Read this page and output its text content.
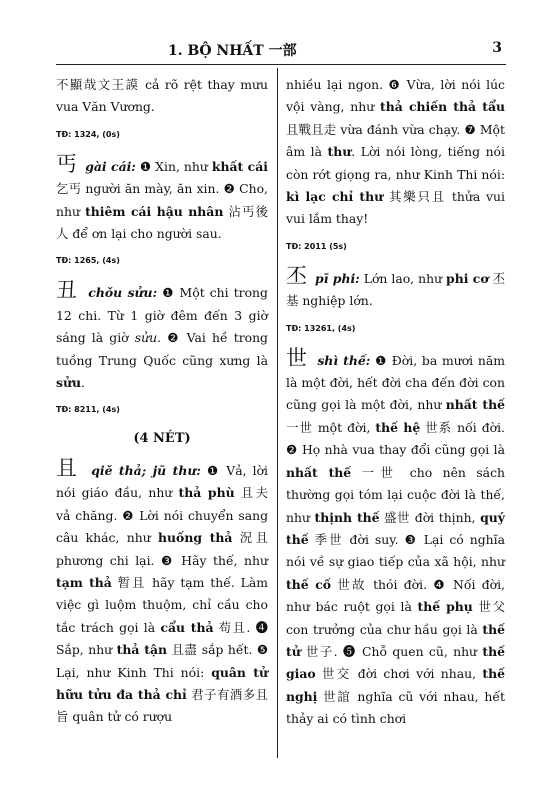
1. BỘ NHẤT 一部	3
不顯哉文王謨 cả rõ rệt thay mưu vua Văn Vương.
TĐ: 1324, (0s)
丐 gài cái: ❶ Xin, như khất cái 乞丐 người ăn mày, ăn xin. ❷ Cho, như thiêm cái hậu nhân 沾丐後人 để ơn lại cho người sau.
TĐ: 1265, (4s)
丑 chǒu sửu: ❶ Một chi trong 12 chi. Từ 1 giờ đêm đến 3 giờ sáng là giờ sửu. ❷ Vai hề trong tuồng Trung Quốc cũng xưng là sửu.
TĐ: 8211, (4s)
(4 NÉT)
且 qiě thả; jū thư: ❶ Vả, lời nói giáo đầu, như thả phù 且夫 vả chăng. ❷ Lời nói chuyển sang câu khác, như huống thả 況且 phương chi lại. ❸ Hãy thế, như tạm thả 暂且 hãy tạm thế. Làm việc gì luộm thuộm, chỉ cầu cho tắc trách gọi là cẩu thả 苟且. ❹ Sắp, như thả tận 且盡 sắp hết. ❺ Lại, như Kinh Thi nói: quân tử hữu tửu đa thả chỉ 君子有酒多且旨 quân tử có rượu
nhiều lại ngon. ❻ Vừa, lời nói lúc vội vàng, như thả chiến thả tẩu 且戰且走 vừa đánh vừa chạy. ❼ Một âm là thư. Lời nói lòng, tiếng nói còn rớt giọng ra, như Kinh Thi nói: kì lạc chỉ thư 其樂只且 thửa vui vui lắm thay!
TĐ: 2011 (5s)
丕 pī phi: Lớn lao, như phi cơ 丕基 nghiệp lớn.
TĐ: 13261, (4s)
世 shì thế: ❶ Đời, ba mươi năm là một đời, hết đời cha đến đời con cũng gọi là một đời, như nhất thế 一世 một đời, thế hệ 世系 nối đời. ❷ Họ nhà vua thay đổi cũng gọi là nhất thế 一世 cho nên sách thường gọi tóm lại cuộc đời là thế, như thịnh thế 盛世 đời thịnh, quý thế 季世 đời suy. ❸ Lại có nghĩa nói về sự giao tiếp của xã hội, như thế cố 世故 thói đời. ❹ Nối đời, như bác ruột gọi là thế phụ 世父 con trưởng của chư hầu gọi là thế tử 世子. ❺ Chỗ quen cũ, như thế giao 世交 đời chơi với nhau, thế nghị 世誼 nghĩa cũ với nhau, hết thảy ai có tình chơi
